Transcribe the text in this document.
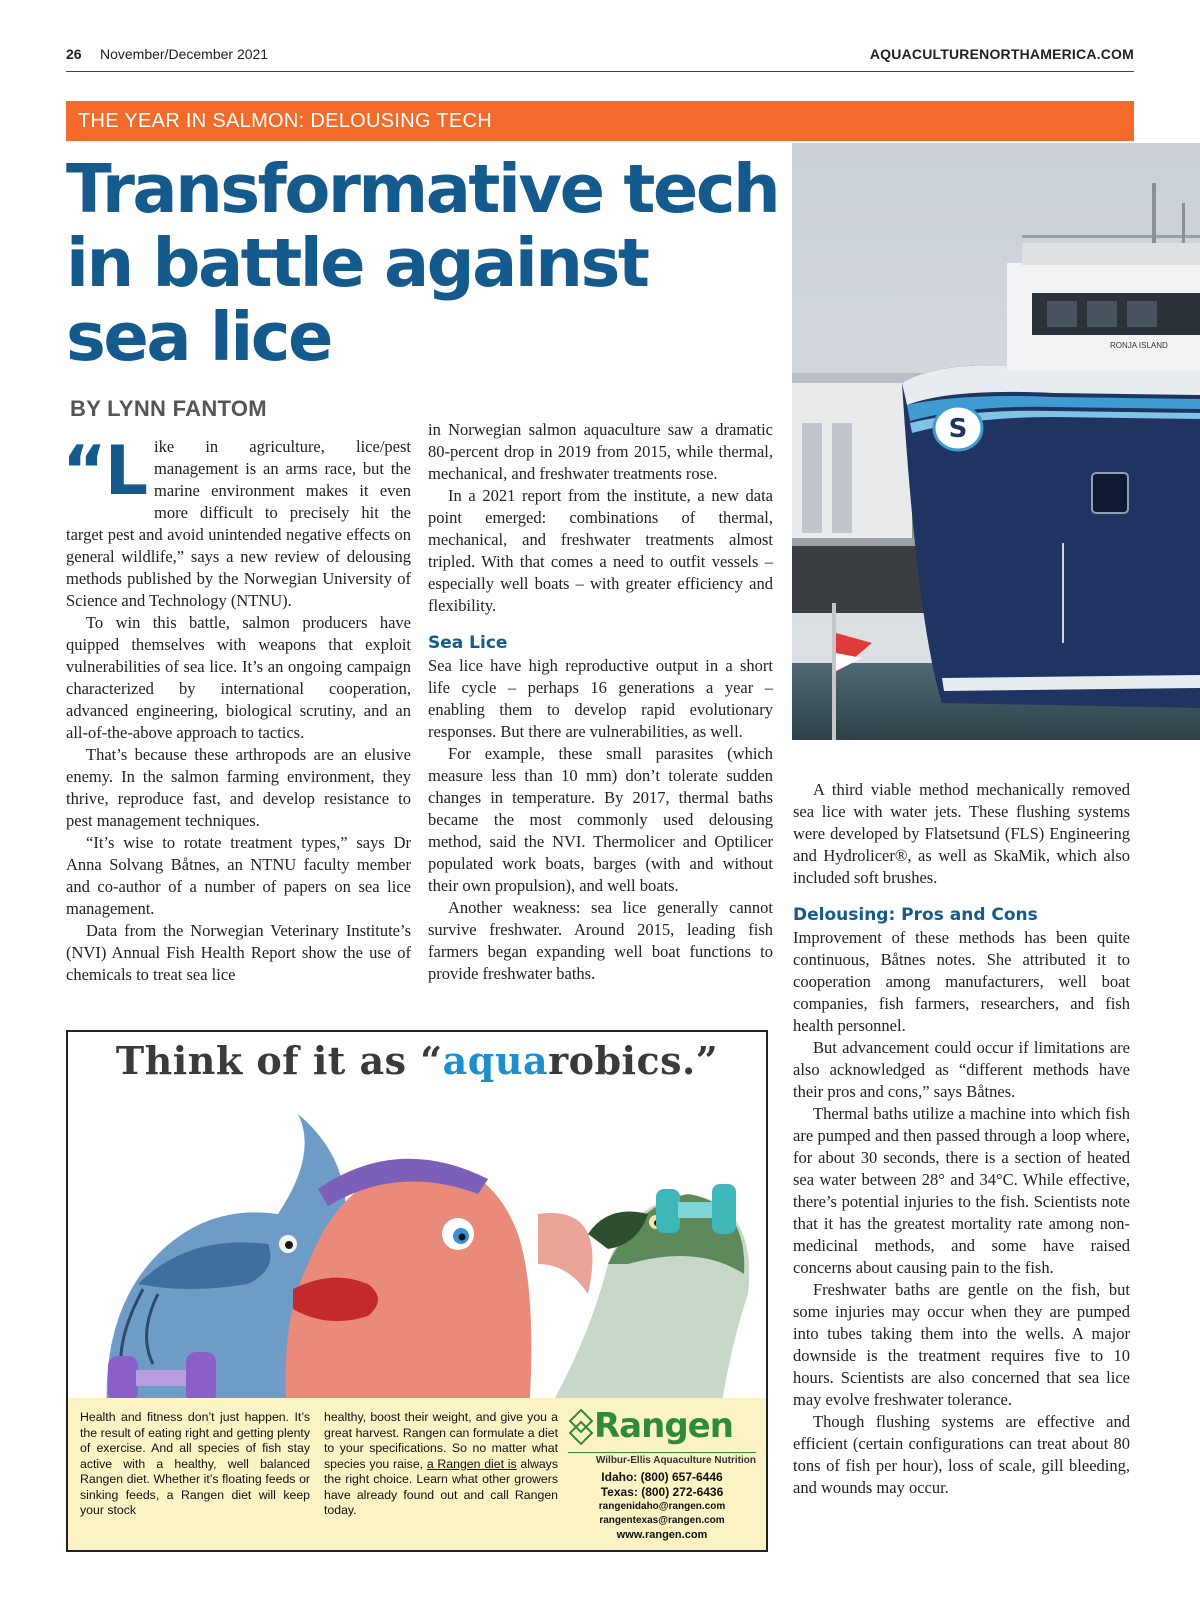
26 November/December 2021	AQUACULTURENORTHAMERICA.COM
THE YEAR IN SALMON: DELOUSING TECH
Transformative tech in battle against sea lice
BY LYNN FANTOM
“L ike in agriculture, lice/pest management is an arms race, but the marine environment makes it even more difficult to precisely hit the target pest and avoid unintended negative effects on general wildlife,” says a new review of delousing methods published by the Norwegian University of Science and Technology (NTNU).

To win this battle, salmon producers have quipped themselves with weapons that exploit vulnerabilities of sea lice. It’s an ongoing campaign characterized by international cooperation, advanced engineering, biological scrutiny, and an all-of-the-above approach to tactics.

That’s because these arthropods are an elusive enemy. In the salmon farming environment, they thrive, reproduce fast, and develop resistance to pest management techniques.

“It’s wise to rotate treatment types,” says Dr Anna Solvang Båtnes, an NTNU faculty member and co-author of a number of papers on sea lice management.

Data from the Norwegian Veterinary Institute’s (NVI) Annual Fish Health Report show the use of chemicals to treat sea lice

in Norwegian salmon aquaculture saw a dramatic 80-percent drop in 2019 from 2015, while thermal, mechanical, and freshwater treatments rose.

In a 2021 report from the institute, a new data point emerged: combinations of thermal, mechanical, and freshwater treatments almost tripled. With that comes a need to outfit vessels – especially well boats – with greater efficiency and flexibility.

Sea Lice

Sea lice have high reproductive output in a short life cycle – perhaps 16 generations a year – enabling them to develop rapid evolutionary responses. But there are vulnerabilities, as well.

For example, these small parasites (which measure less than 10 mm) don’t tolerate sudden changes in temperature. By 2017, thermal baths became the most commonly used delousing method, said the NVI. Thermolicer and Optilicer populated work boats, barges (with and without their own propulsion), and well boats.

Another weakness: sea lice generally cannot survive freshwater. Around 2015, leading fish farmers began expanding well boat functions to provide freshwater baths.

S
RONJA ISLAND

A third viable method mechanically removed sea lice with water jets. These flushing systems were developed by Flatsetsund (FLS) Engineering and Hydrolicer®, as well as SkaMik, which also included soft brushes.

Delousing: Pros and Cons

Improvement of these methods has been quite continuous, Båtnes notes. She attributed it to cooperation among manufacturers, well boat companies, fish farmers, researchers, and fish health personnel.

But advancement could occur if limitations are also acknowledged as “different methods have their pros and cons,” says Båtnes.

Thermal baths utilize a machine into which fish are pumped and then passed through a loop where, for about 30 seconds, there is a section of heated sea water between 28° and 34°C. While effective, there’s potential injuries to the fish. Scientists note that it has the greatest mortality rate among non-medicinal methods, and some have raised concerns about causing pain to the fish.

Freshwater baths are gentle on the fish, but some injuries may occur when they are pumped into tubes taking them into the wells. A major downside is the treatment requires five to 10 hours. Scientists are also concerned that sea lice may evolve freshwater tolerance.

Though flushing systems are effective and efficient (certain configurations can treat about 80 tons of fish per hour), loss of scale, gill bleeding, and wounds may occur.

Think of it as “aquarobics.”
Health and fitness don’t just happen. It’s the result of eating right and getting plenty of exercise. And all species of fish stay active with a healthy, well balanced Rangen diet. Whether it’s floating feeds or sinking feeds, a Rangen diet will keep your stock
healthy, boost their weight, and give you a great harvest. Rangen can formulate a diet to your specifications. So no matter what species you raise, a Rangen diet is always the right choice. Learn what other growers have already found out and call Rangen today.
Rangen
Wilbur-Ellis Aquaculture Nutrition
Idaho: (800) 657-6446
Texas: (800) 272-6436
rangenidaho@rangen.com
rangentexas@rangen.com
www.rangen.com
